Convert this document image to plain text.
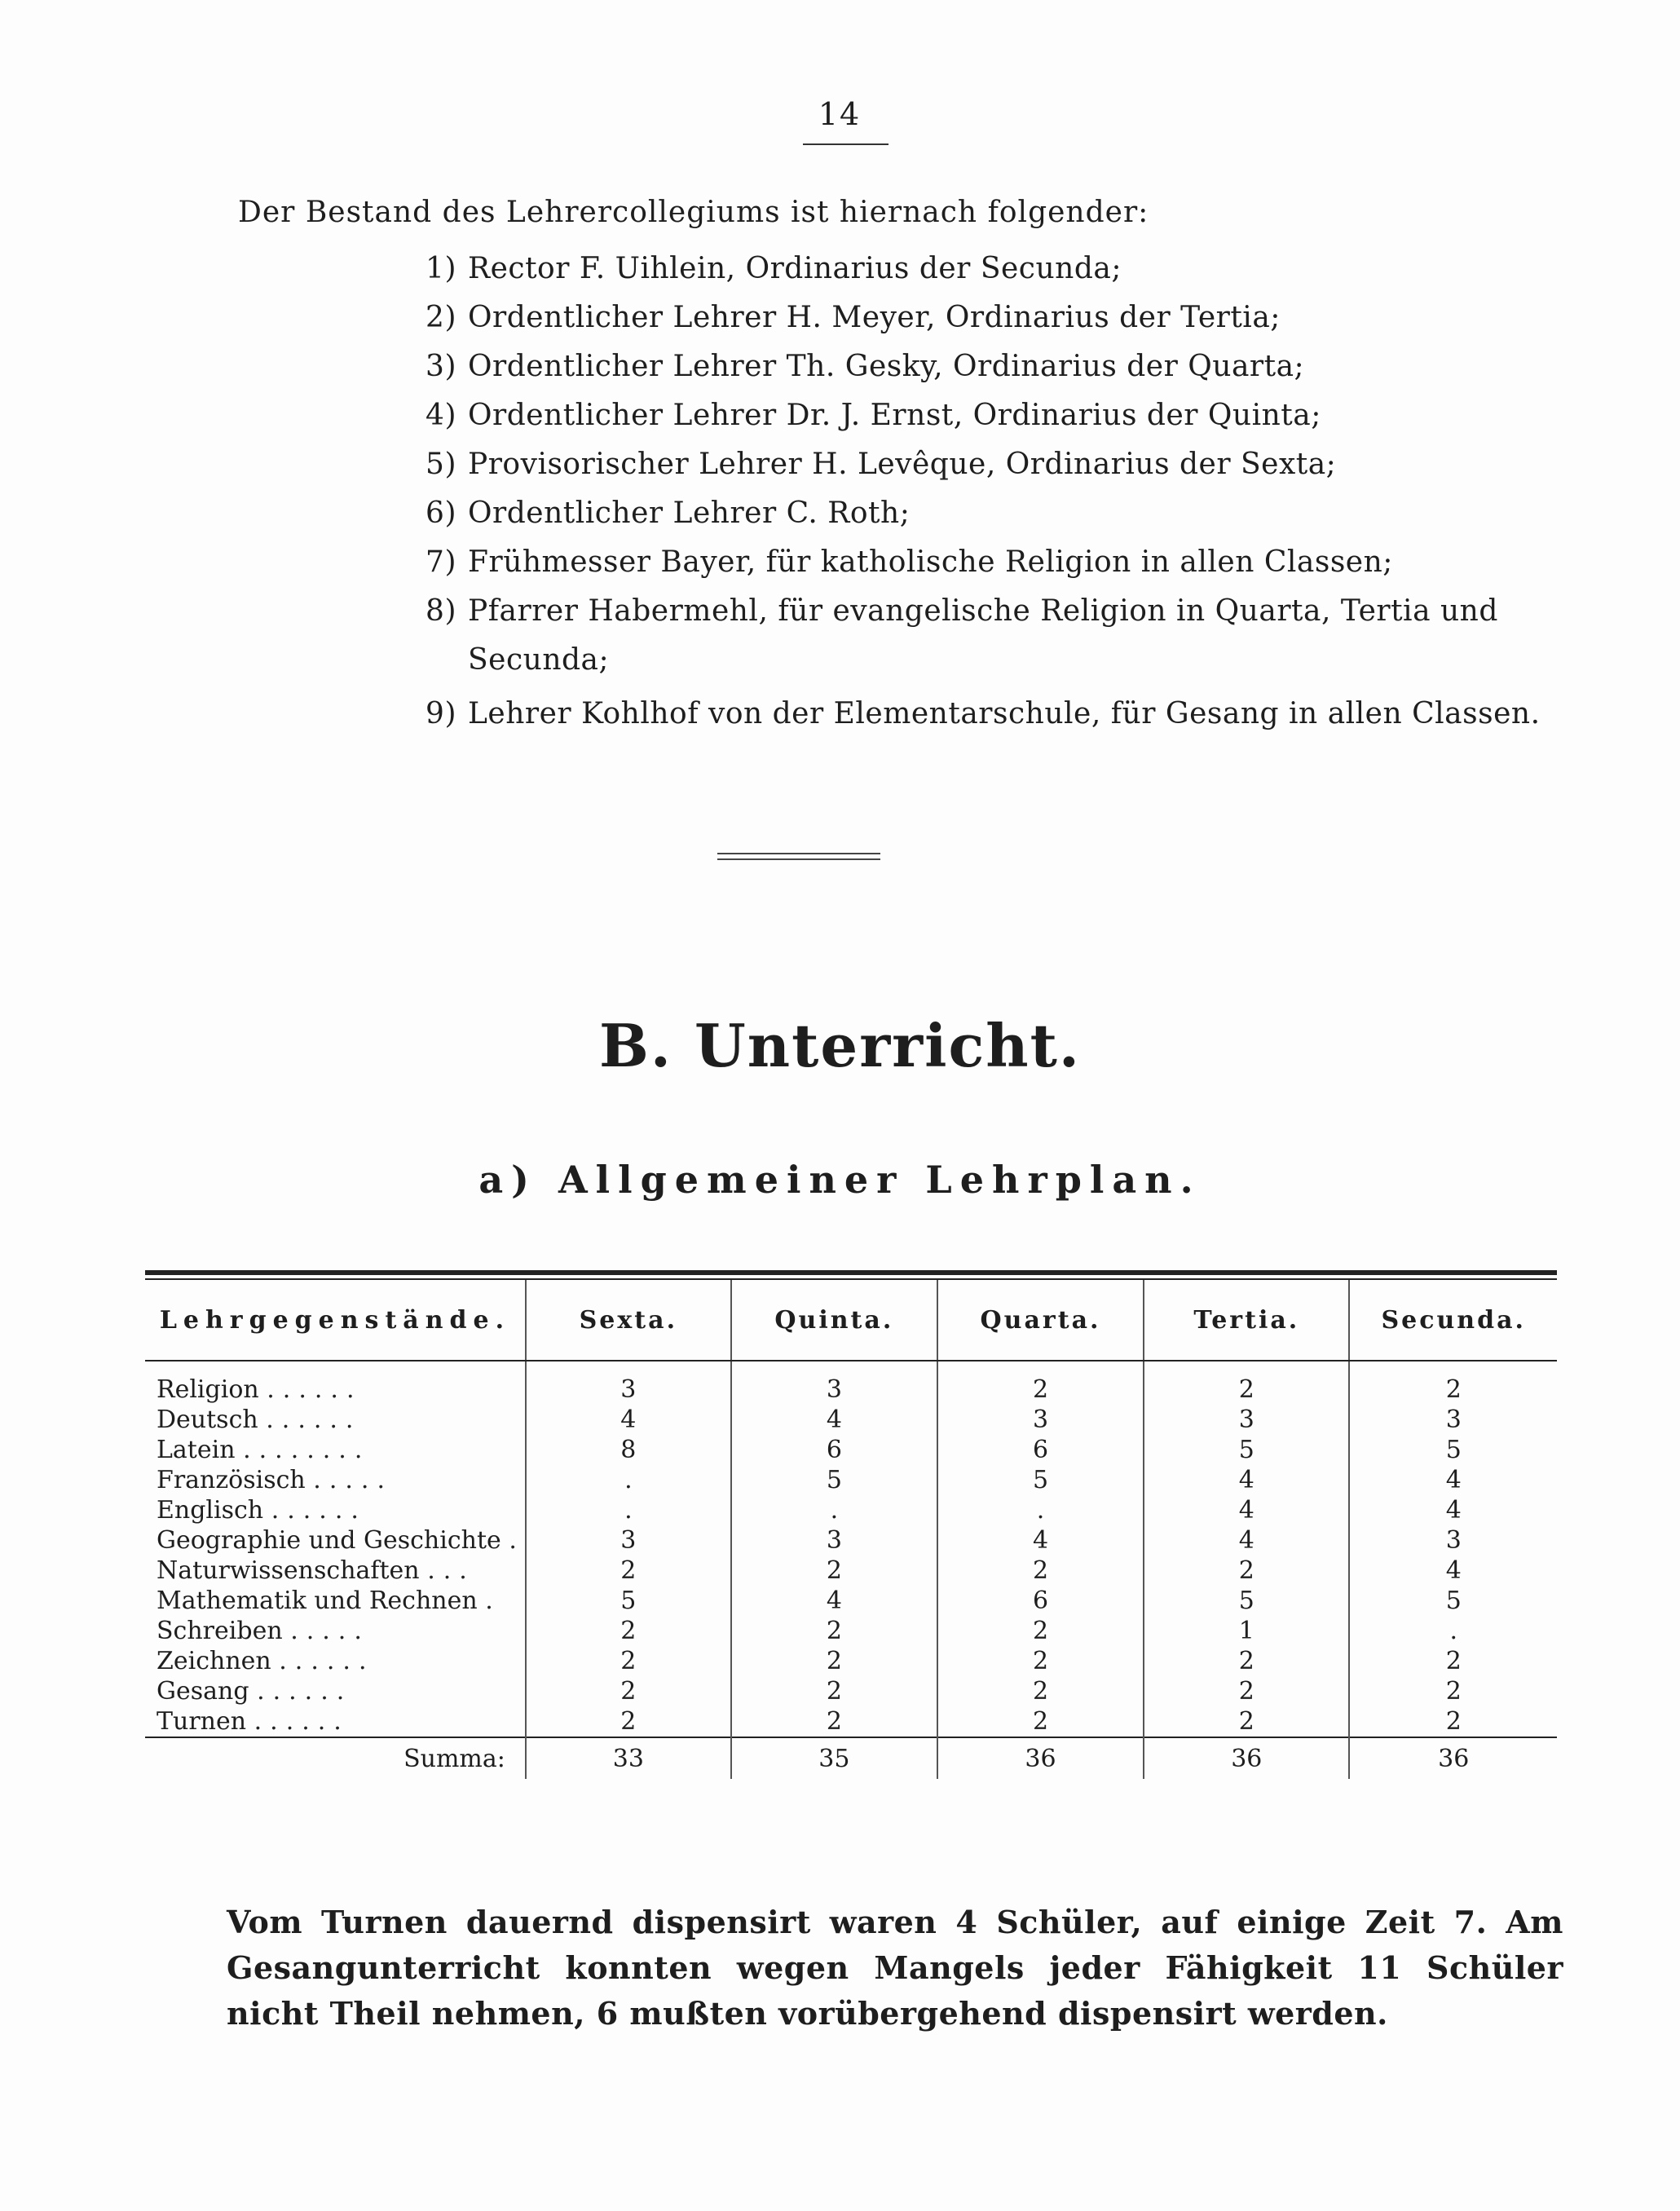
14
Der Bestand des Lehrercollegiums ist hiernach folgender:
1) Rector F. Uihlein, Ordinarius der Secunda;
2) Ordentlicher Lehrer H. Meyer, Ordinarius der Tertia;
3) Ordentlicher Lehrer Th. Gesky, Ordinarius der Quarta;
4) Ordentlicher Lehrer Dr. J. Ernst, Ordinarius der Quinta;
5) Provisorischer Lehrer H. Levêque, Ordinarius der Sexta;
6) Ordentlicher Lehrer C. Roth;
7) Frühmesser Bayer, für katholische Religion in allen Classen;
8) Pfarrer Habermehl, für evangelische Religion in Quarta, Tertia und
Secunda;
9) Lehrer Kohlhof von der Elementarschule, für Gesang in allen Classen.
B. Unterricht.
a) Allgemeiner Lehrplan.
Lehrgegenstände.	Sexta.	Quinta.	Quarta.	Tertia.	Secunda.
Religion ......	3	3	2	2	2
Deutsch ......	4	4	3	3	3
Latein ........	8	6	6	5	5
Französisch .....	.	5	5	4	4
Englisch ......	.	.	.	4	4
Geographie und Geschichte .	3	3	4	4	3
Naturwissenschaften ...	2	2	2	2	4
Mathematik und Rechnen .	5	4	6	5	5
Schreiben .....	2	2	2	1	.
Zeichnen ......	2	2	2	2	2
Gesang ......	2	2	2	2	2
Turnen ......	2	2	2	2	2
Summa:	33	35	36	36	36
Vom Turnen dauernd dispensirt waren 4 Schüler, auf einige Zeit 7. Am Gesangunterricht konnten wegen Mangels jeder Fähigkeit 11 Schüler nicht Theil nehmen, 6 mußten vorübergehend dispensirt werden.
